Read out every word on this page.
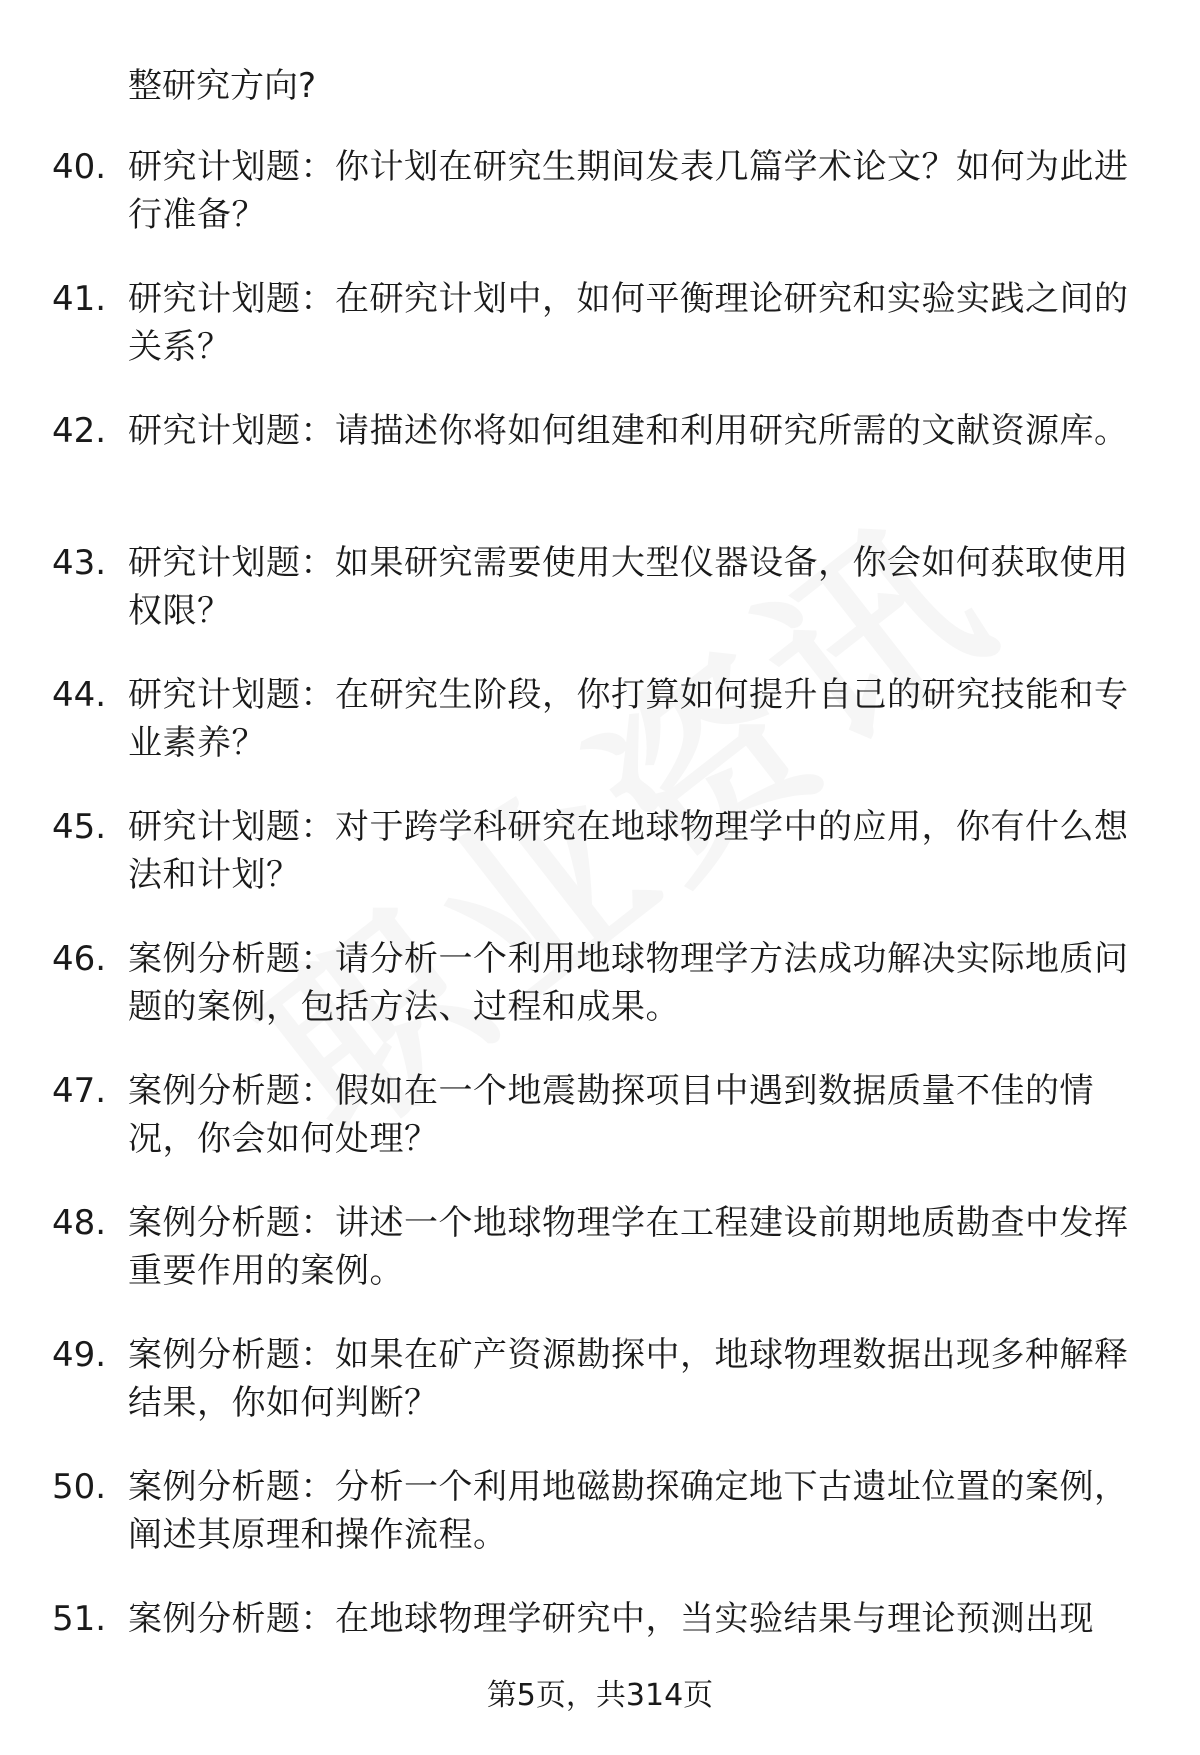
整研究方向?

40. 研究计划题：你计划在研究生期间发表几篇学术论文？如何为此进行准备？
41. 研究计划题：在研究计划中，如何平衡理论研究和实验实践之间的关系？
42. 研究计划题：请描述你将如何组建和利用研究所需的文献资源库。
43. 研究计划题：如果研究需要使用大型仪器设备，你会如何获取使用权限？
44. 研究计划题：在研究生阶段，你打算如何提升自己的研究技能和专业素养？
45. 研究计划题：对于跨学科研究在地球物理学中的应用，你有什么想法和计划？
46. 案例分析题：请分析一个利用地球物理学方法成功解决实际地质问题的案例，包括方法、过程和成果。
47. 案例分析题：假如在一个地震勘探项目中遇到数据质量不佳的情况，你会如何处理？
48. 案例分析题：讲述一个地球物理学在工程建设前期地质勘查中发挥重要作用的案例。
49. 案例分析题：如果在矿产资源勘探中，地球物理数据出现多种解释结果，你如何判断？
50. 案例分析题：分析一个利用地磁勘探确定地下古遗址位置的案例，阐述其原理和操作流程。
51. 案例分析题：在地球物理学研究中，当实验结果与理论预测出现
第5页，共314页
